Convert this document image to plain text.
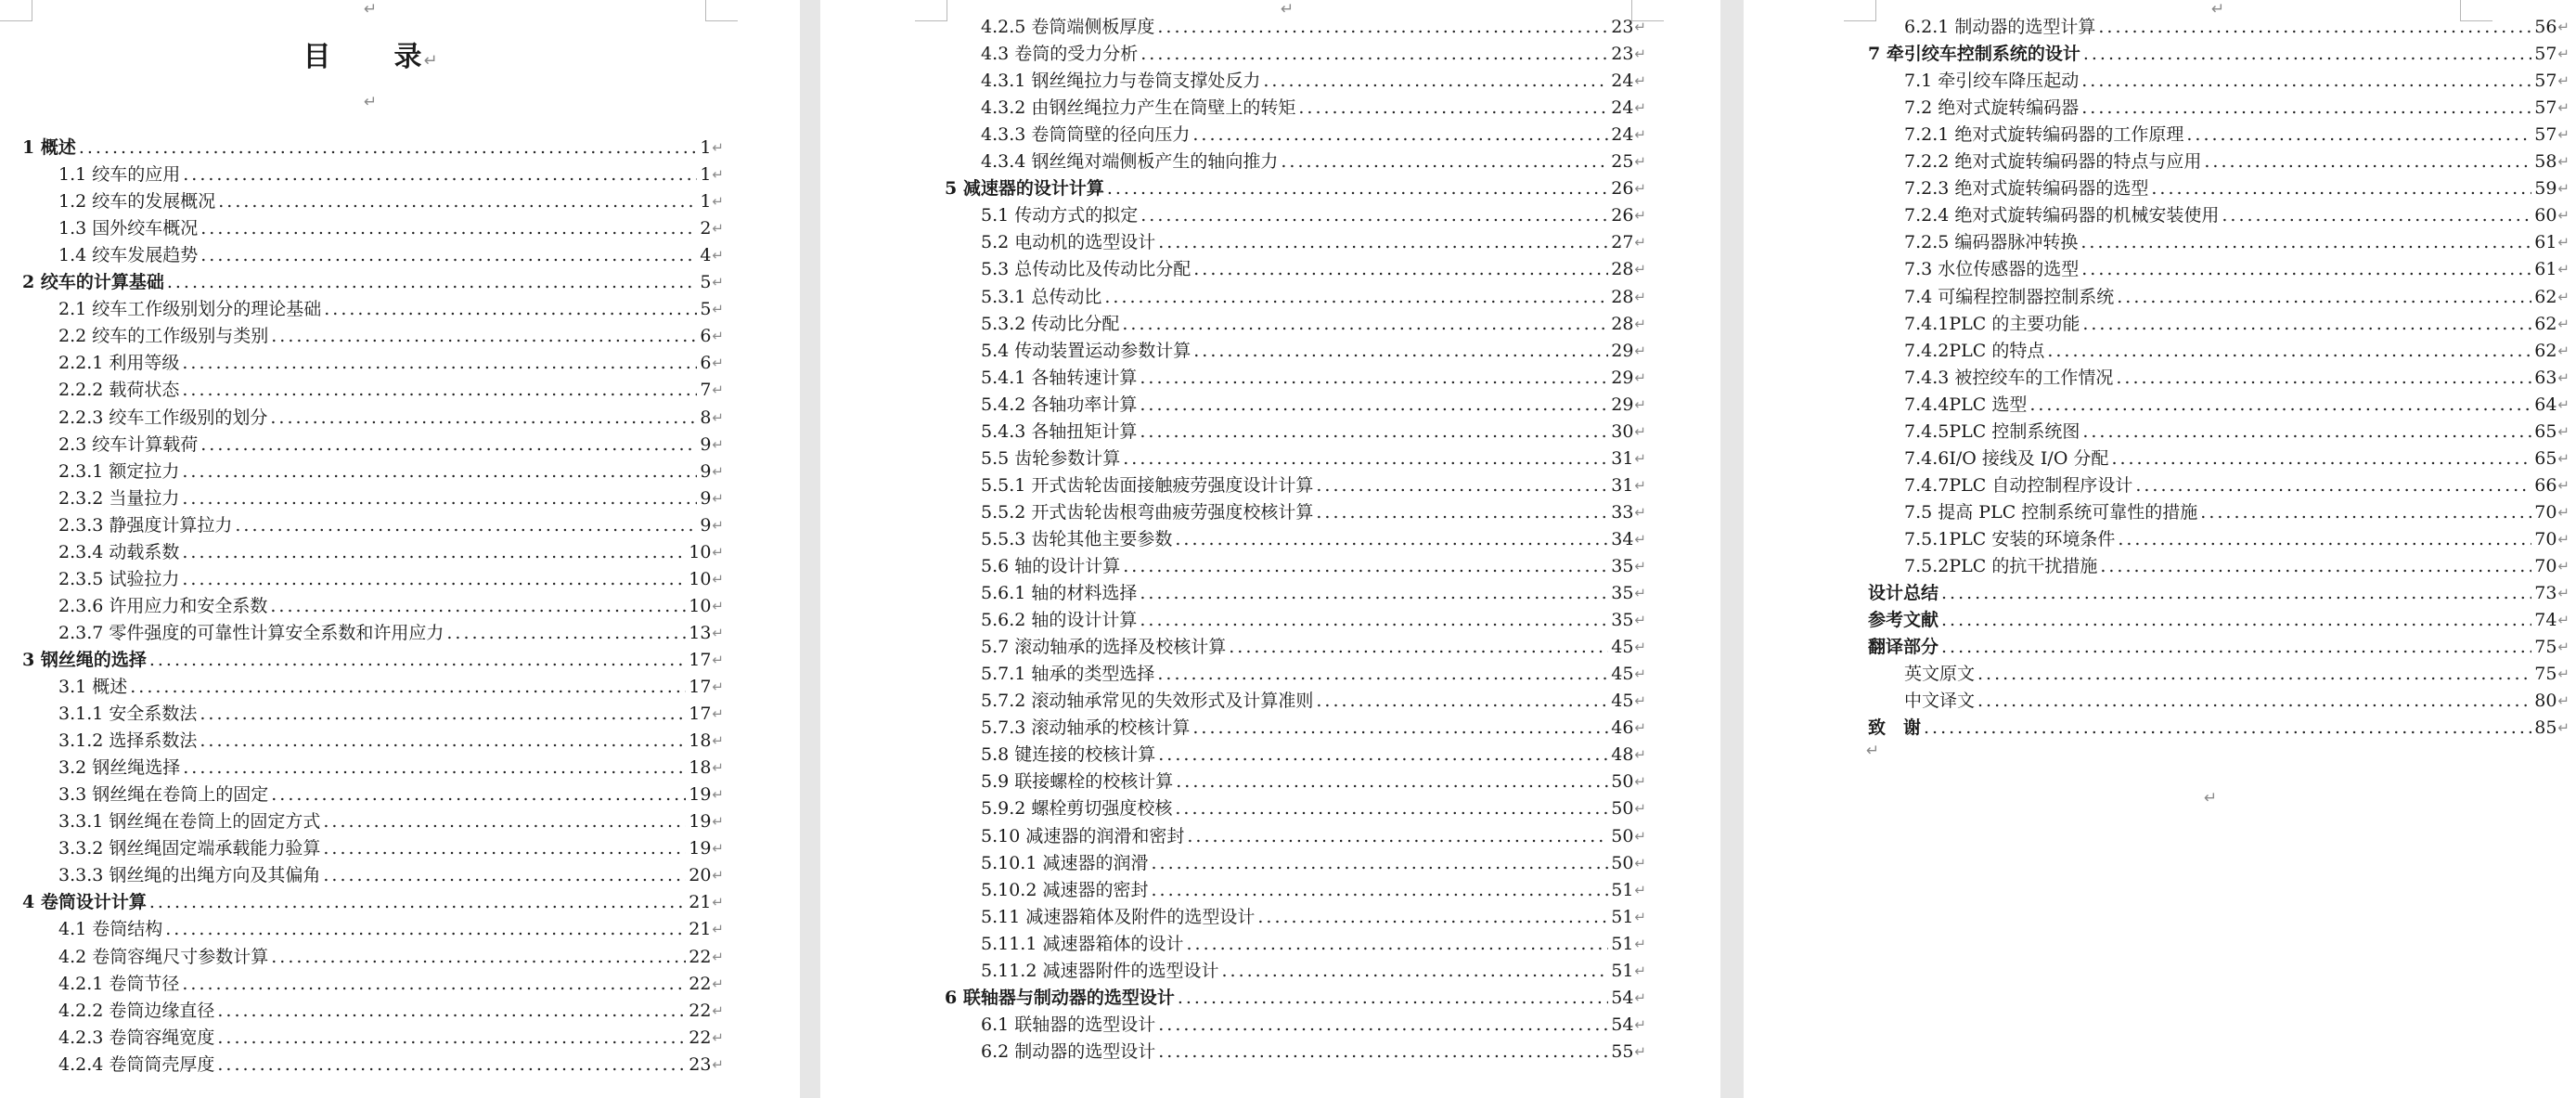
↵
目 录↵
↵
1 概述 .....	1 ↵
1.1 绞车的应用 .....	1 ↵
1.2 绞车的发展概况 .....	1 ↵
1.3 国外绞车概况 .....	2 ↵
1.4 绞车发展趋势 .....	4 ↵
2 绞车的计算基础 .....	5 ↵
2.1 绞车工作级别划分的理论基础 .....	5 ↵
2.2 绞车的工作级别与类别 .....	6 ↵
2.2.1 利用等级 .....	6 ↵
2.2.2 载荷状态 .....	7 ↵
2.2.3 绞车工作级别的划分 .....	8 ↵
2.3 绞车计算载荷 .....	9 ↵
2.3.1 额定拉力 .....	9 ↵
2.3.2 当量拉力 .....	9 ↵
2.3.3 静强度计算拉力 .....	9 ↵
2.3.4 动载系数 .....	10 ↵
2.3.5 试验拉力 .....	10 ↵
2.3.6 许用应力和安全系数 .....	10 ↵
2.3.7 零件强度的可靠性计算安全系数和许用应力 .....	13 ↵
3 钢丝绳的选择 .....	17 ↵
3.1 概述 .....	17 ↵
3.1.1 安全系数法 .....	17 ↵
3.1.2 选择系数法 .....	18 ↵
3.2 钢丝绳选择 .....	18 ↵
3.3 钢丝绳在卷筒上的固定 .....	19 ↵
3.3.1 钢丝绳在卷筒上的固定方式 .....	19 ↵
3.3.2 钢丝绳固定端承载能力验算 .....	19 ↵
3.3.3 钢丝绳的出绳方向及其偏角 .....	20 ↵
4 卷筒设计计算 .....	21 ↵
4.1 卷筒结构 .....	21 ↵
4.2 卷筒容绳尺寸参数计算 .....	22 ↵
4.2.1 卷筒节径 .....	22 ↵
4.2.2 卷筒边缘直径 .....	22 ↵
4.2.3 卷筒容绳宽度 .....	22 ↵
4.2.4 卷筒筒壳厚度 .....	23 ↵
↵
4.2.5 卷筒端侧板厚度 .....	23 ↵
4.3 卷筒的受力分析 .....	23 ↵
4.3.1 钢丝绳拉力与卷筒支撑处反力 .....	24 ↵
4.3.2 由钢丝绳拉力产生在筒壁上的转矩 .....	24 ↵
4.3.3 卷筒筒壁的径向压力 .....	24 ↵
4.3.4 钢丝绳对端侧板产生的轴向推力 .....	25 ↵
5 减速器的设计计算 .....	26 ↵
5.1 传动方式的拟定 .....	26 ↵
5.2 电动机的选型设计 .....	27 ↵
5.3 总传动比及传动比分配 .....	28 ↵
5.3.1 总传动比 .....	28 ↵
5.3.2 传动比分配 .....	28 ↵
5.4 传动装置运动参数计算 .....	29 ↵
5.4.1 各轴转速计算 .....	29 ↵
5.4.2 各轴功率计算 .....	29 ↵
5.4.3 各轴扭矩计算 .....	30 ↵
5.5 齿轮参数计算 .....	31 ↵
5.5.1 开式齿轮齿面接触疲劳强度设计计算 .....	31 ↵
5.5.2 开式齿轮齿根弯曲疲劳强度校核计算 .....	33 ↵
5.5.3 齿轮其他主要参数 .....	34 ↵
5.6 轴的设计计算 .....	35 ↵
5.6.1 轴的材料选择 .....	35 ↵
5.6.2 轴的设计计算 .....	35 ↵
5.7 滚动轴承的选择及校核计算 .....	45 ↵
5.7.1 轴承的类型选择 .....	45 ↵
5.7.2 滚动轴承常见的失效形式及计算准则 .....	45 ↵
5.7.3 滚动轴承的校核计算 .....	46 ↵
5.8 键连接的校核计算 .....	48 ↵
5.9 联接螺栓的校核计算 .....	50 ↵
5.9.2 螺栓剪切强度校核 .....	50 ↵
5.10 减速器的润滑和密封 .....	50 ↵
5.10.1 减速器的润滑 .....	50 ↵
5.10.2 减速器的密封 .....	51 ↵
5.11 减速器箱体及附件的选型设计 .....	51 ↵
5.11.1 减速器箱体的设计 .....	51 ↵
5.11.2 减速器附件的选型设计 .....	51 ↵
6 联轴器与制动器的选型设计 .....	54 ↵
6.1 联轴器的选型设计 .....	54 ↵
6.2 制动器的选型设计 .....	55 ↵
↵
6.2.1 制动器的选型计算 .....	56 ↵
7 牵引绞车控制系统的设计 .....	57 ↵
7.1 牵引绞车降压起动 .....	57 ↵
7.2 绝对式旋转编码器 .....	57 ↵
7.2.1 绝对式旋转编码器的工作原理 .....	57 ↵
7.2.2 绝对式旋转编码器的特点与应用 .....	58 ↵
7.2.3 绝对式旋转编码器的选型 .....	59 ↵
7.2.4 绝对式旋转编码器的机械安装使用 .....	60 ↵
7.2.5 编码器脉冲转换 .....	61 ↵
7.3 水位传感器的选型 .....	61 ↵
7.4 可编程控制器控制系统 .....	62 ↵
7.4.1PLC 的主要功能 .....	62 ↵
7.4.2PLC 的特点 .....	62 ↵
7.4.3 被控绞车的工作情况 .....	63 ↵
7.4.4PLC 选型 .....	64 ↵
7.4.5PLC 控制系统图 .....	65 ↵
7.4.6I/O 接线及 I/O 分配 .....	65 ↵
7.4.7PLC 自动控制程序设计 .....	66 ↵
7.5 提高 PLC 控制系统可靠性的措施 .....	70 ↵
7.5.1PLC 安装的环境条件 .....	70 ↵
7.5.2PLC 的抗干扰措施 .....	70 ↵
设计总结 .....	73 ↵
参考文献 .....	74 ↵
翻译部分 .....	75 ↵
英文原文 .....	75 ↵
中文译文 .....	80 ↵
致　谢 .....	85 ↵
↵
↵
